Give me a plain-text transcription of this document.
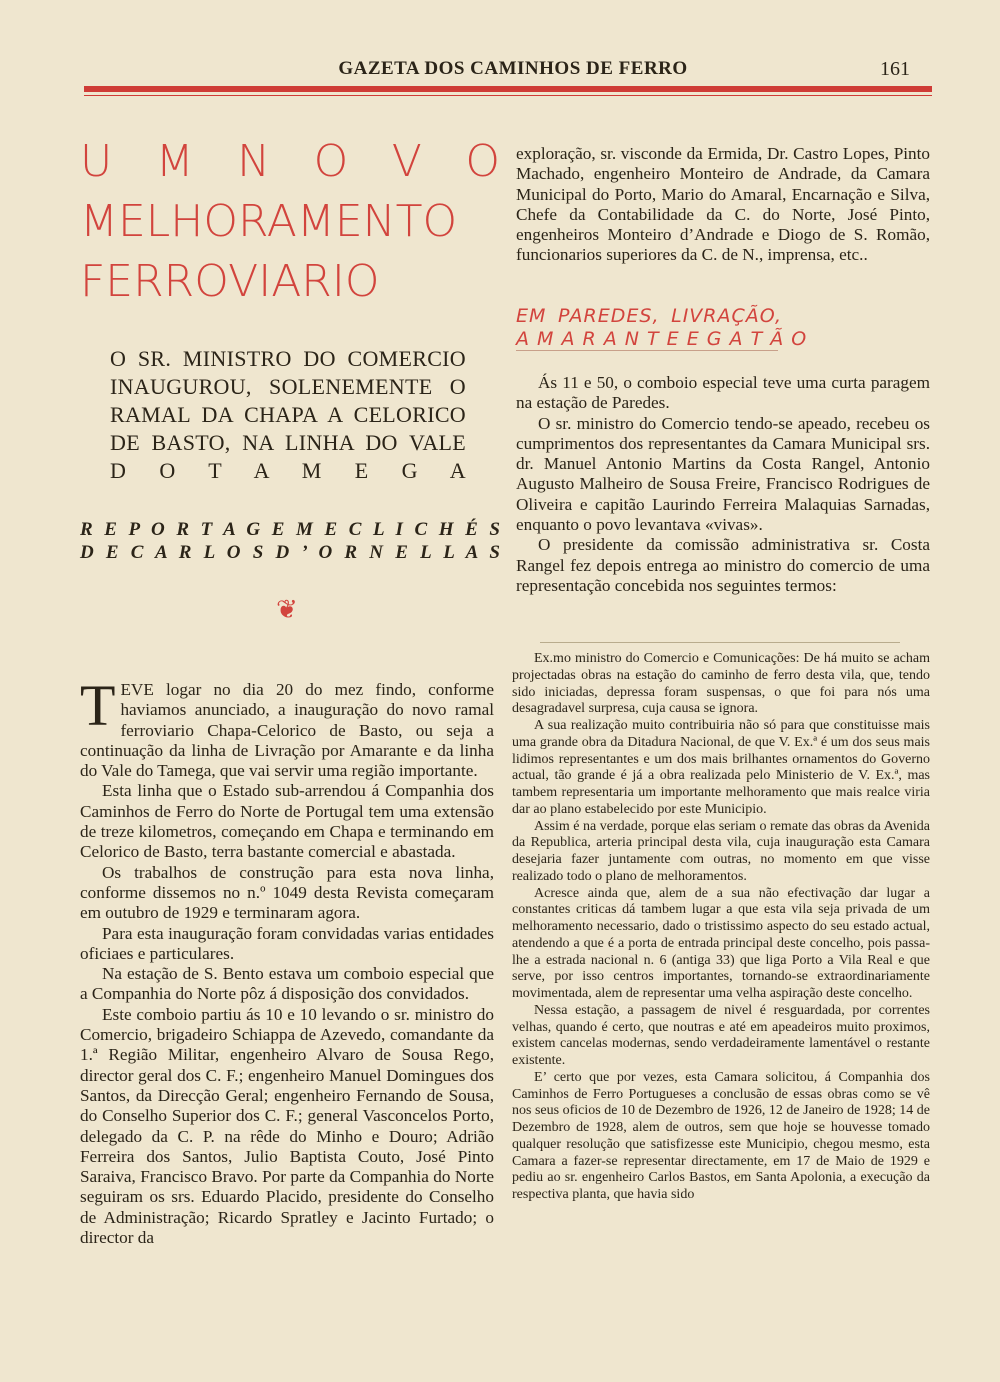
GAZETA DOS CAMINHOS DE FERRO	161
U M N O V O
MELHORAMENTO
FERROVIARIO
O SR. MINISTRO DO COMERCIO
INAUGUROU, SOLENEMENTE O
RAMAL DA CHAPA A CELORICO
DE BASTO, NA LINHA DO VALE
D O T A M E G A
R E P O R T A G E M E C L I C H É S
D E C A R L O S D ’ O R N E L L A S
❦

TEVE logar no dia 20 do mez findo, conforme haviamos anunciado, a inauguração do novo ramal ferroviario Chapa-Celorico de Basto, ou seja a continuação da linha de Livração por Amarante e da linha do Vale do Tamega, que vai servir uma região importante.

Esta linha que o Estado sub-arrendou á Companhia dos Caminhos de Ferro do Norte de Portugal tem uma extensão de treze kilometros, começando em Chapa e terminando em Celorico de Basto, terra bastante comercial e abastada.

Os trabalhos de construção para esta nova linha, conforme dissemos no n.º 1049 desta Revista começaram em outubro de 1929 e terminaram agora.

Para esta inauguração foram convidadas varias entidades oficiaes e particulares.

Na estação de S. Bento estava um comboio especial que a Companhia do Norte pôz á disposição dos convidados.

Este comboio partiu ás 10 e 10 levando o sr. ministro do Comercio, brigadeiro Schiappa de Azevedo, comandante da 1.ª Região Militar, engenheiro Alvaro de Sousa Rego, director geral dos C. F.; engenheiro Manuel Domingues dos Santos, da Direcção Geral; engenheiro Fernando de Sousa, do Conselho Superior dos C. F.; general Vasconcelos Porto, delegado da C. P. na rêde do Minho e Douro; Adrião Ferreira dos Santos, Julio Baptista Couto, José Pinto Saraiva, Francisco Bravo. Por parte da Companhia do Norte seguiram os srs. Eduardo Placido, presidente do Conselho de Administração; Ricardo Spratley e Jacinto Furtado; o director da

exploração, sr. visconde da Ermida, Dr. Castro Lopes, Pinto Machado, engenheiro Monteiro de Andrade, da Camara Municipal do Porto, Mario do Amaral, Encarnação e Silva, Chefe da Contabilidade da C. do Norte, José Pinto, engenheiros Monteiro d’Andrade e Diogo de S. Romão, funcionarios superiores da C. de N., imprensa, etc..

EM PAREDES, LIVRAÇÃO,
A M A R A N T E E G A T Ã O

Ás 11 e 50, o comboio especial teve uma curta paragem na estação de Paredes.

O sr. ministro do Comercio tendo-se apeado, recebeu os cumprimentos dos representantes da Camara Municipal srs. dr. Manuel Antonio Martins da Costa Rangel, Antonio Augusto Malheiro de Sousa Freire, Francisco Rodrigues de Oliveira e capitão Laurindo Ferreira Malaquias Sarnadas, enquanto o povo levantava «vivas».

O presidente da comissão administrativa sr. Costa Rangel fez depois entrega ao ministro do comercio de uma representação concebida nos seguintes termos:

Ex.mo ministro do Comercio e Comunicações: De há muito se acham projectadas obras na estação do caminho de ferro desta vila, que, tendo sido iniciadas, depressa foram suspensas, o que foi para nós uma desagradavel surpresa, cuja causa se ignora.

A sua realização muito contribuiria não só para que constituisse mais uma grande obra da Ditadura Nacional, de que V. Ex.ª é um dos seus mais lidimos representantes e um dos mais brilhantes ornamentos do Governo actual, tão grande é já a obra realizada pelo Ministerio de V. Ex.ª, mas tambem representaria um importante melhoramento que mais realce viria dar ao plano estabelecido por este Municipio.

Assim é na verdade, porque elas seriam o remate das obras da Avenida da Republica, arteria principal desta vila, cuja inauguração esta Camara desejaria fazer juntamente com outras, no momento em que visse realizado todo o plano de melhoramentos.

Acresce ainda que, alem de a sua não efectivação dar lugar a constantes criticas dá tambem lugar a que esta vila seja privada de um melhoramento necessario, dado o tristissimo aspecto do seu estado actual, atendendo a que é a porta de entrada principal deste concelho, pois passa-lhe a estrada nacional n. 6 (antiga 33) que liga Porto a Vila Real e que serve, por isso centros importantes, tornando-se extraordinariamente movimentada, alem de representar uma velha aspiração deste concelho.

Nessa estação, a passagem de nivel é resguardada, por correntes velhas, quando é certo, que noutras e até em apeadeiros muito proximos, existem cancelas modernas, sendo verdadeiramente lamentável o restante existente.

E’ certo que por vezes, esta Camara solicitou, á Companhia dos Caminhos de Ferro Portugueses a conclusão de essas obras como se vê nos seus oficios de 10 de Dezembro de 1926, 12 de Janeiro de 1928; 14 de Dezembro de 1928, alem de outros, sem que hoje se houvesse tomado qualquer resolução que satisfizesse este Municipio, chegou mesmo, esta Camara a fazer-se representar directamente, em 17 de Maio de 1929 e pediu ao sr. engenheiro Carlos Bastos, em Santa Apolonia, a execução da respectiva planta, que havia sido
